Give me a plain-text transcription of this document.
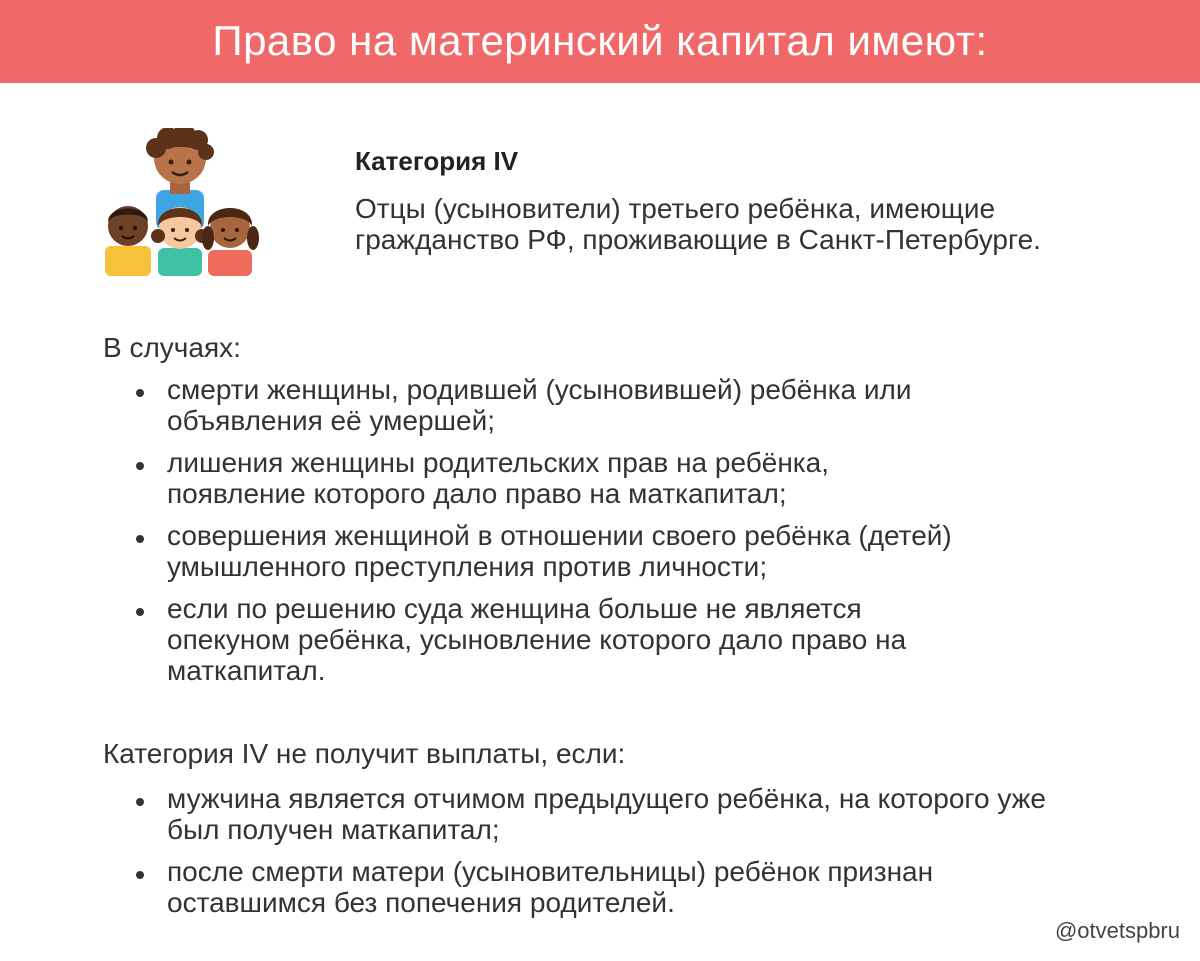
Право на материнский капитал имеют:
Категория IV
Отцы (усыновители) третьего ребёнка, имеющие гражданство РФ, проживающие в Санкт-Петербурге.
В случаях:
смерти женщины, родившей (усыновившей) ребёнка или объявления её умершей;
лишения женщины родительских прав на ребёнка, появление которого дало право на маткапитал;
совершения женщиной в отношении своего ребёнка (детей) умышленного преступления против личности;
если по решению суда женщина больше не является опекуном ребёнка, усыновление которого дало право на маткапитал.
Категория IV не получит выплаты, если:
мужчина является отчимом предыдущего ребёнка, на которого уже был получен маткапитал;
после смерти матери (усыновительницы) ребёнок признан оставшимся без попечения родителей.
@otvetspbru
